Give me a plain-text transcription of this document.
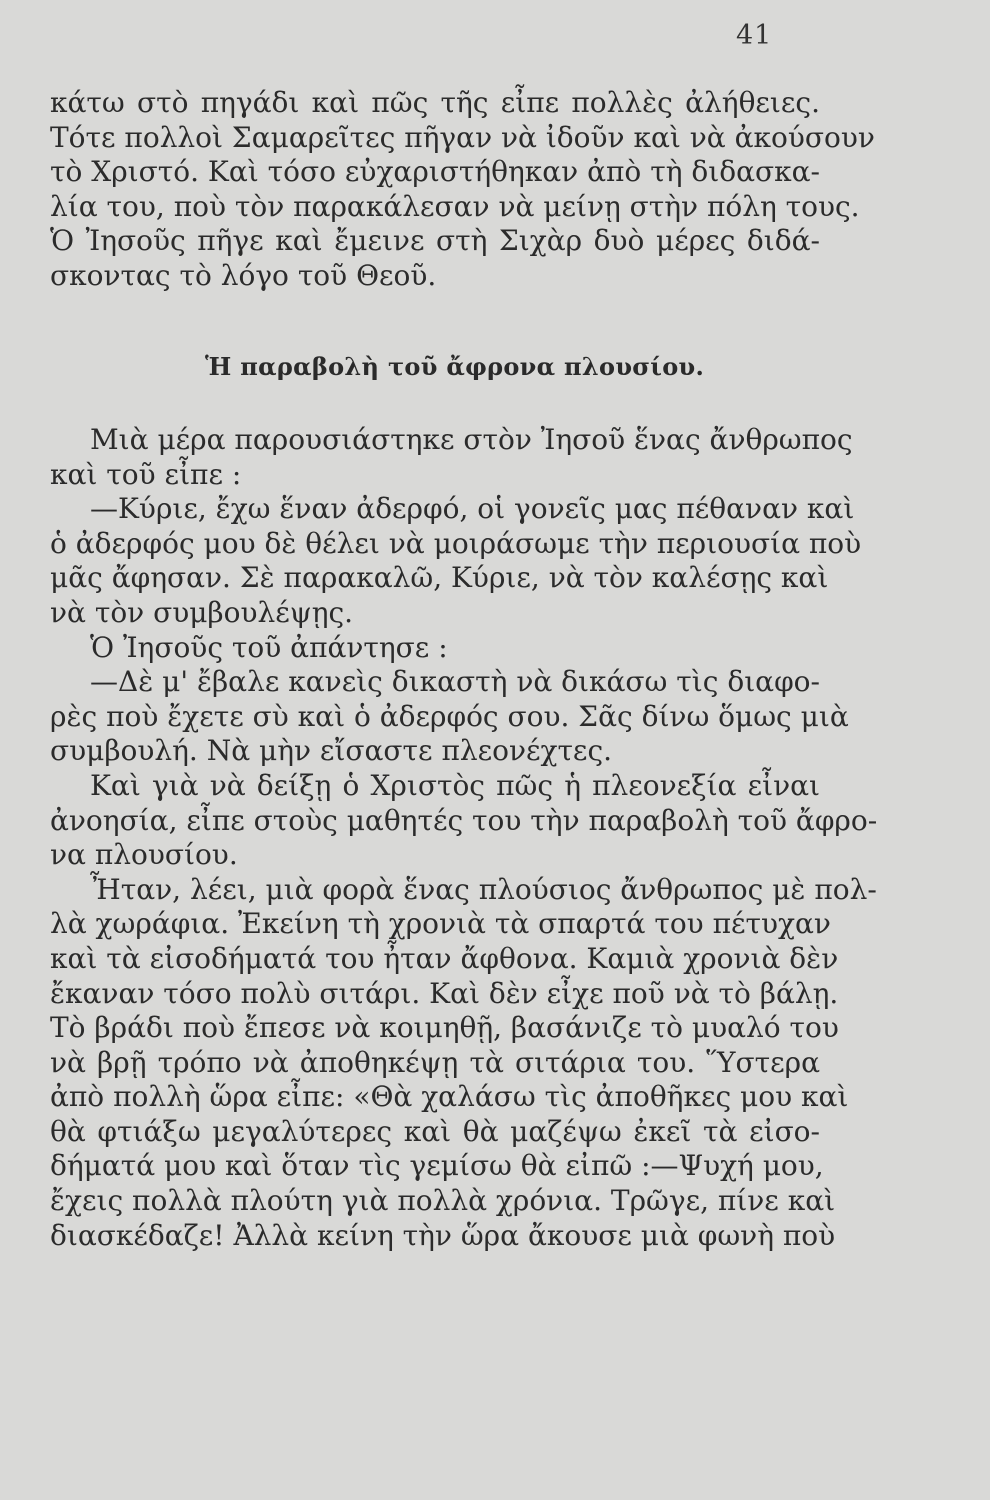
41
κάτω στὸ πηγάδι καὶ πῶς τῆς εἶπε πολλὲς ἀλήθειες.
Τότε πολλοὶ Σαμαρεῖτες πῆγαν νὰ ἰδοῦν καὶ νὰ ἀκούσουν
τὸ Χριστό. Καὶ τόσο εὐχαριστήθηκαν ἀπὸ τὴ διδασκα-
λία του, ποὺ τὸν παρακάλεσαν νὰ μείνῃ στὴν πόλη τους.
Ὁ Ἰησοῦς πῆγε καὶ ἔμεινε στὴ Σιχὰρ δυὸ μέρες διδά-
σκοντας τὸ λόγο τοῦ Θεοῦ.
Ἡ παραβολὴ τοῦ ἄφρονα πλουσίου.
Μιὰ μέρα παρουσιάστηκε στὸν Ἰησοῦ ἕνας ἄνθρωπος
καὶ τοῦ εἶπε :
—Κύριε, ἔχω ἕναν ἀδερφό, οἱ γονεῖς μας πέθαναν καὶ
ὁ ἀδερφός μου δὲ θέλει νὰ μοιράσωμε τὴν περιουσία ποὺ
μᾶς ἄφησαν. Σὲ παρακαλῶ, Κύριε, νὰ τὸν καλέσῃς καὶ
νὰ τὸν συμβουλέψῃς.
Ὁ Ἰησοῦς τοῦ ἀπάντησε :
—Δὲ μ' ἔβαλε κανεὶς δικαστὴ νὰ δικάσω τὶς διαφο-
ρὲς ποὺ ἔχετε σὺ καὶ ὁ ἀδερφός σου. Σᾶς δίνω ὅμως μιὰ
συμβουλή. Νὰ μὴν εἴσαστε πλεονέχτες.
Καὶ γιὰ νὰ δείξῃ ὁ Χριστὸς πῶς ἡ πλεονεξία εἶναι
ἀνοησία, εἶπε στοὺς μαθητές του τὴν παραβολὴ τοῦ ἄφρο-
να πλουσίου.
Ἦταν, λέει, μιὰ φορὰ ἕνας πλούσιος ἄνθρωπος μὲ πολ-
λὰ χωράφια. Ἐκείνη τὴ χρονιὰ τὰ σπαρτά του πέτυχαν
καὶ τὰ εἰσοδήματά του ἦταν ἄφθονα. Καμιὰ χρονιὰ δὲν
ἔκαναν τόσο πολὺ σιτάρι. Καὶ δὲν εἶχε ποῦ νὰ τὸ βάλῃ.
Τὸ βράδι ποὺ ἔπεσε νὰ κοιμηθῇ, βασάνιζε τὸ μυαλό του
νὰ βρῇ τρόπο νὰ ἀποθηκέψῃ τὰ σιτάρια του. Ὕστερα
ἀπὸ πολλὴ ὥρα εἶπε: «Θὰ χαλάσω τὶς ἀποθῆκες μου καὶ
θὰ φτιάξω μεγαλύτερες καὶ θὰ μαζέψω ἐκεῖ τὰ εἰσο-
δήματά μου καὶ ὅταν τὶς γεμίσω θὰ εἰπῶ :—Ψυχή μου,
ἔχεις πολλὰ πλούτη γιὰ πολλὰ χρόνια. Τρῶγε, πίνε καὶ
διασκέδαζε! Ἀλλὰ κείνη τὴν ὥρα ἄκουσε μιὰ φωνὴ ποὺ
